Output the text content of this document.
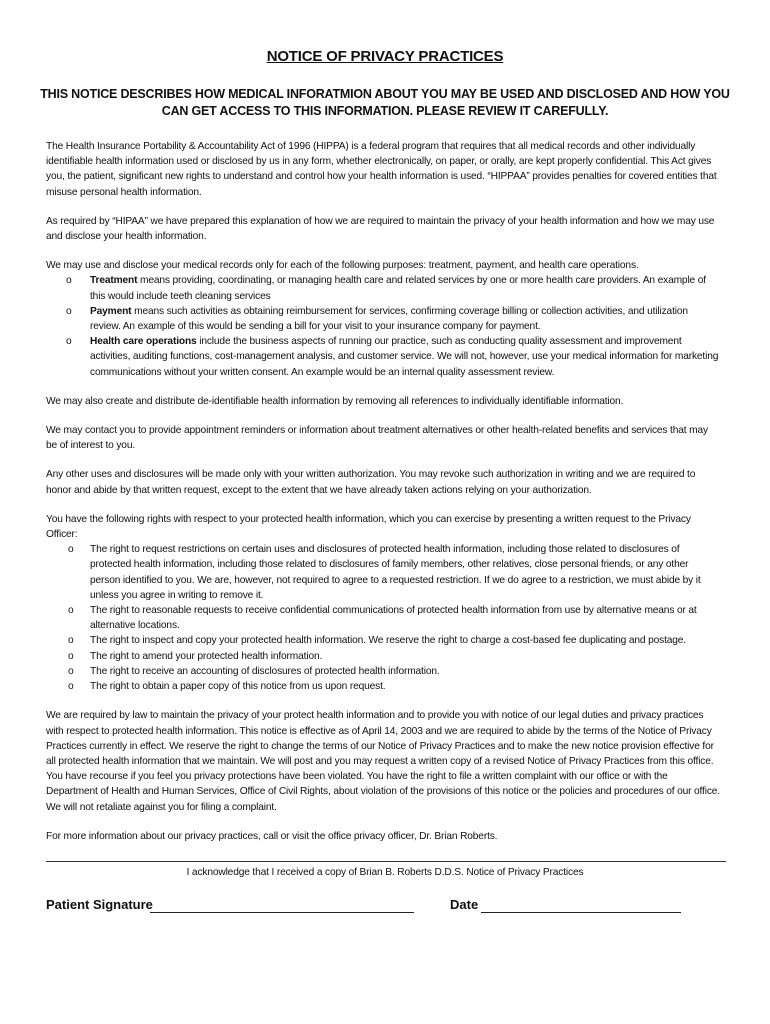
NOTICE OF PRIVACY PRACTICES
THIS NOTICE DESCRIBES HOW MEDICAL INFORATMION ABOUT YOU MAY BE USED AND DISCLOSED AND HOW YOU CAN GET ACCESS TO THIS INFORMATION. PLEASE REVIEW IT CAREFULLY.

The Health Insurance Portability & Accountability Act of 1996 (HIPPA) is a federal program that requires that all medical records and other individually identifiable health information used or disclosed by us in any form, whether electronically, on paper, or orally, are kept properly confidential. This Act gives you, the patient, significant new rights to understand and control how your health information is used. “HIPPAA” provides penalties for covered entities that misuse personal health information.

As required by “HIPAA” we have prepared this explanation of how we are required to maintain the privacy of your health information and how we may use and disclose your health information.

We may use and disclose your medical records only for each of the following purposes: treatment, payment, and health care operations.

o Treatment means providing, coordinating, or managing health care and related services by one or more health care providers. An example of this would include teeth cleaning services
o Payment means such activities as obtaining reimbursement for services, confirming coverage billing or collection activities, and utilization review. An example of this would be sending a bill for your visit to your insurance company for payment.
o Health care operations include the business aspects of running our practice, such as conducting quality assessment and improvement activities, auditing functions, cost-management analysis, and customer service. We will not, however, use your medical information for marketing communications without your written consent. An example would be an internal quality assessment review.

We may also create and distribute de-identifiable health information by removing all references to individually identifiable information.

We may contact you to provide appointment reminders or information about treatment alternatives or other health-related benefits and services that may be of interest to you.

Any other uses and disclosures will be made only with your written authorization. You may revoke such authorization in writing and we are required to honor and abide by that written request, except to the extent that we have already taken actions relying on your authorization.

You have the following rights with respect to your protected health information, which you can exercise by presenting a written request to the Privacy Officer:

o The right to request restrictions on certain uses and disclosures of protected health information, including those related to disclosures of protected health information, including those related to disclosures of family members, other relatives, close personal friends, or any other person identified to you. We are, however, not required to agree to a requested restriction. If we do agree to a restriction, we must abide by it unless you agree in writing to remove it.
o The right to reasonable requests to receive confidential communications of protected health information from use by alternative means or at alternative locations.
o The right to inspect and copy your protected health information. We reserve the right to charge a cost-based fee duplicating and postage.
o The right to amend your protected health information.
o The right to receive an accounting of disclosures of protected health information.
o The right to obtain a paper copy of this notice from us upon request.

We are required by law to maintain the privacy of your protect health information and to provide you with notice of our legal duties and privacy practices with respect to protected health information. This notice is effective as of April 14, 2003 and we are required to abide by the terms of the Notice of Privacy Practices currently in effect. We reserve the right to change the terms of our Notice of Privacy Practices and to make the new notice provision effective for all protected health information that we maintain. We will post and you may request a written copy of a revised Notice of Privacy Practices from this office. You have recourse if you feel you privacy protections have been violated. You have the right to file a written complaint with our office or with the Department of Health and Human Services, Office of Civil Rights, about violation of the provisions of this notice or the policies and procedures of our office. We will not retaliate against you for filing a complaint.

For more information about our privacy practices, call or visit the office privacy officer, Dr. Brian Roberts.

I acknowledge that I received a copy of Brian B. Roberts D.D.S. Notice of Privacy Practices
Patient Signature	Date
